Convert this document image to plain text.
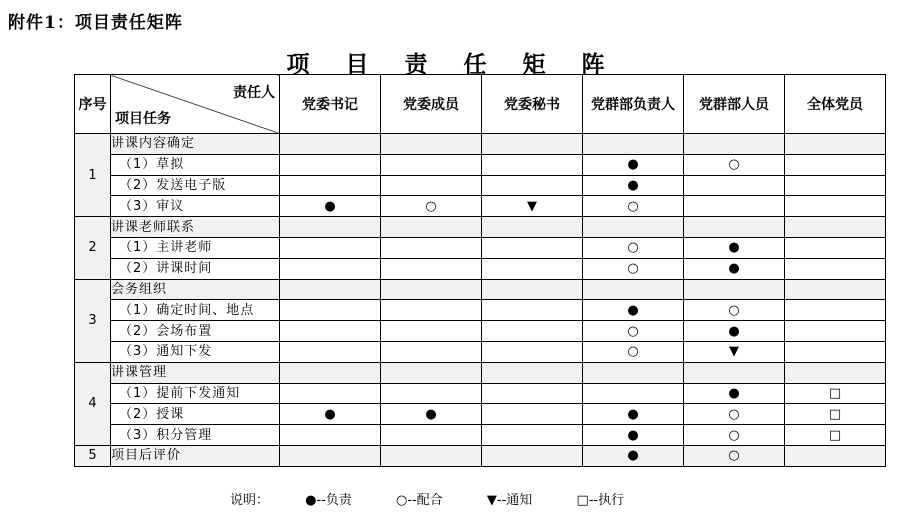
附件1：项目责任矩阵
项 目 责 任 矩 阵
序号	责任人
项目任务	党委书记	党委成员	党委秘书	党群部负责人	党群部人员	全体党员
1	讲课内容确定						
	（1）草拟				●	○	
	（2）发送电子版				●		
	（3）审议	●	○	▼	○		
2	讲课老师联系						
	（1）主讲老师				○	●	
	（2）讲课时间				○	●	
3	会务组织						
	（1）确定时间、地点				●	○	
	（2）会场布置				○	●	
	（3）通知下发				○	▼	
4	讲课管理						
	（1）提前下发通知					●	□
	（2）授课	●	●		●	○	□
	（3）积分管理				●	○	□
5	项目后评价				●	○	
说明：	●--负责	○--配合	▼--通知	□--执行
